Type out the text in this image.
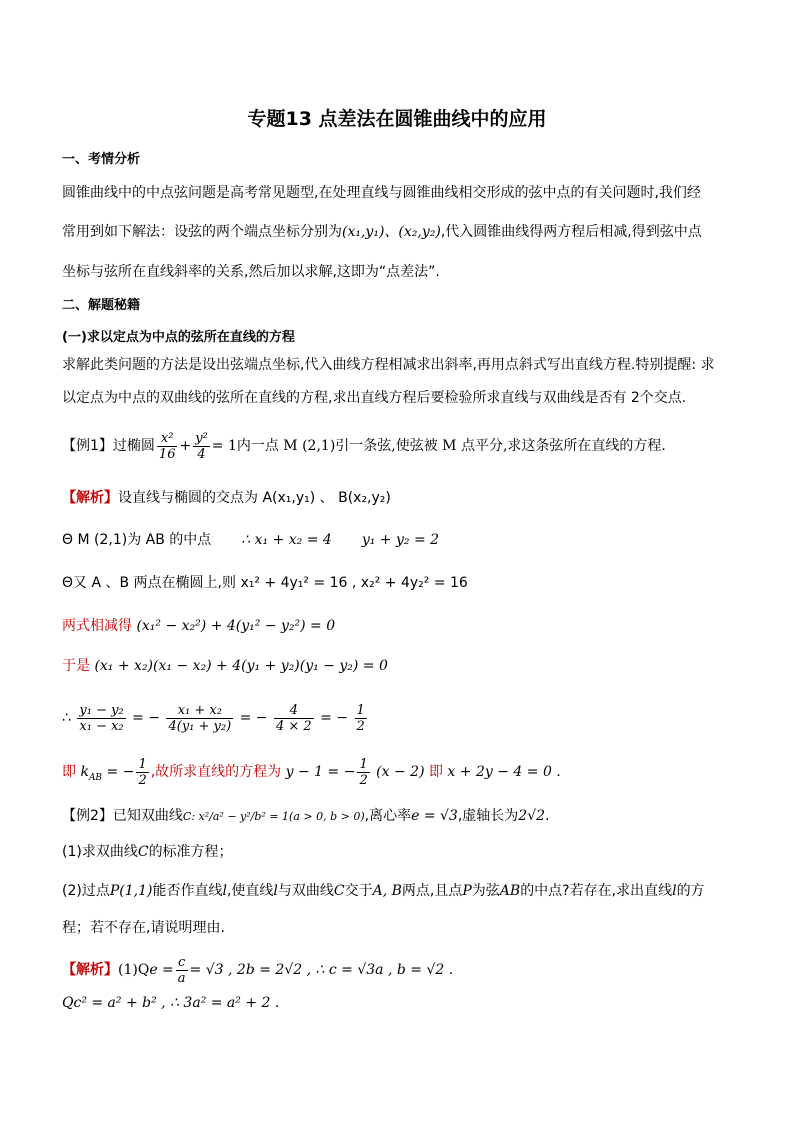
专题13 点差法在圆锥曲线中的应用
一、考情分析
圆锥曲线中的中点弦问题是高考常见题型,在处理直线与圆锥曲线相交形成的弦中点的有关问题时,我们经
常用到如下解法：设弦的两个端点坐标分别为(x₁,y₁)、(x₂,y₂),代入圆锥曲线得两方程后相减,得到弦中点
坐标与弦所在直线斜率的关系,然后加以求解,这即为“点差法”.
二、解题秘籍
(一)求以定点为中点的弦所在直线的方程
求解此类问题的方法是设出弦端点坐标,代入曲线方程相减求出斜率,再用点斜式写出直线方程.特别提醒: 求
以定点为中点的双曲线的弦所在直线的方程,求出直线方程后要检验所求直线与双曲线是否有 2个交点.
【例1】过椭圆 $\frac{\text{x²}}{16} + \frac{\text{y²}}{4} = 1$内一点 M (2,1)引一条弦,使弦被 M 点平分,求这条弦所在直线的方程.
【解析】设直线与椭圆的交点为 A(x₁,y₁) 、 B(x₂,y₂)
Θ M (2,1)为 AB 的中点 ∴ x₁ + x₂ = 4 y₁ + y₂ = 2
Θ又 A 、B 两点在椭圆上,则 x₁² + 4y₁² = 16 , x₂² + 4y₂² = 16
两式相减得 (x₁² − x₂²) + 4(y₁² − y₂²) = 0
于是 (x₁ + x₂)(x₁ − x₂) + 4(y₁ + y₂)(y₁ − y₂) = 0
∴ $\frac{\text{y₁ − y₂}}{\text{x₁ − x₂}}$ = − $\frac{\text{x₁ + x₂}}{\text{4(y₁ + y₂)}}$ = − $\frac{4}{4 \times 2}$ = − $\frac{1}{2}$
即 $k_{AB}$ = − $\frac{1}{2}$ ,故所求直线的方程为 y − 1 = − $\frac{1}{2} (x - 2)$ 即 x + 2y − 4 = 0 .
【例2】已知双曲线C: x²/a² − y²/b² = 1(a > 0, b > 0),离心率e = √3,虚轴长为2√2.
(1)求双曲线C的标准方程；
(2)过点P(1,1)能否作直线l,使直线l与双曲线C交于A, B两点,且点P为弦AB的中点?若存在,求出直线l的方
程；若不存在,请说明理由.
【解析】$(1)Qe = \frac{c}{a} = √3$ , 2b = 2√2 , ∴ c = √3a , b = √2 .
Qc² = a² + b² , ∴ 3a² = a² + 2 .
